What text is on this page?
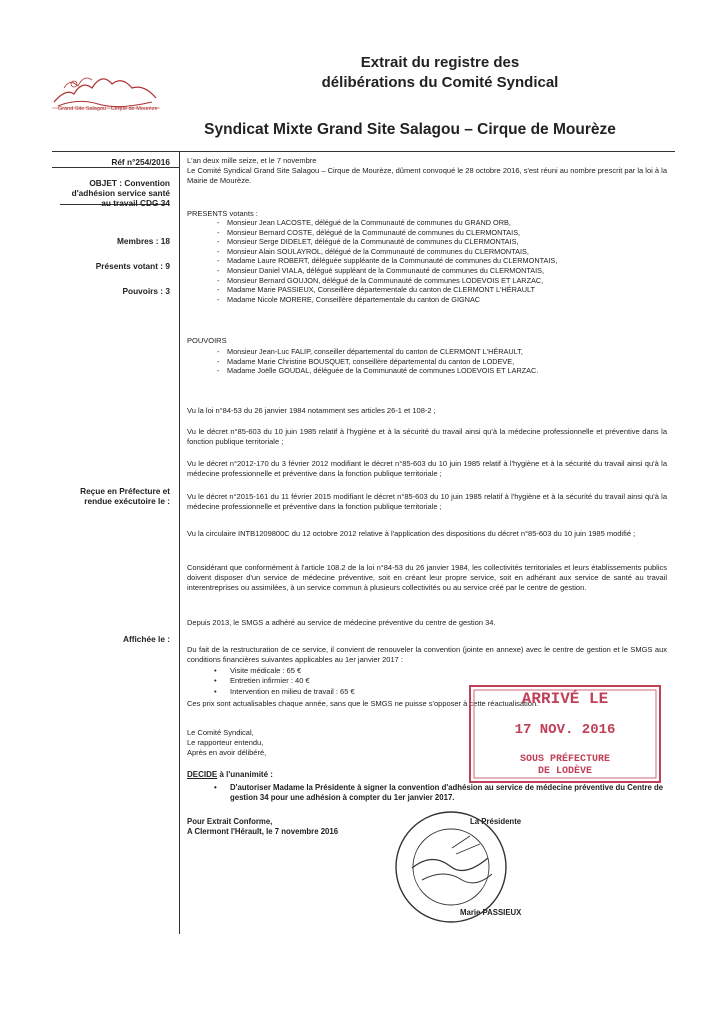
Grand Site Salagou · Cirque de Mourèze
Extrait du registre des
délibérations du Comité Syndical
Syndicat Mixte Grand Site Salagou – Cirque de Mourèze
Réf n°254/2016
OBJET : Convention
d'adhésion service santé
au travail CDG 34
Membres : 18
Présents votant : 9
Pouvoirs : 3
Reçue en Préfecture et
rendue exécutoire le :
Affichée le :
L'an deux mille seize, et le 7 novembre
Le Comité Syndical Grand Site Salagou – Cirque de Mourèze, dûment convoqué le 28 octobre 2016, s'est réuni au nombre prescrit par la loi à la Mairie de Mourèze.
PRESENTS votants :
- Monsieur Jean LACOSTE, délégué de la Communauté de communes du GRAND ORB,
- Monsieur Bernard COSTE, délégué de la Communauté de communes du CLERMONTAIS,
- Monsieur Serge DIDELET, délégué de la Communauté de communes du CLERMONTAIS,
- Monsieur Alain SOULAYROL, délégué de la Communauté de communes du CLERMONTAIS,
- Madame Laure ROBERT, déléguée suppléante de la Communauté de communes du CLERMONTAIS,
- Monsieur Daniel VIALA, délégué suppléant de la Communauté de communes du CLERMONTAIS,
- Monsieur Bernard GOUJON, délégué de la Communauté de communes LODEVOIS ET LARZAC,
- Madame Marie PASSIEUX, Conseillère départementale du canton de CLERMONT L'HÉRAULT
- Madame Nicole MORERE, Conseillère départementale du canton de GIGNAC
POUVOIRS
- Monsieur Jean-Luc FALIP, conseiller départemental du canton de CLERMONT L'HÉRAULT,
- Madame Marie Christine BOUSQUET, conseillère départemental du canton de LODEVE,
- Madame Joëlle GOUDAL, déléguée de la Communauté de communes LODEVOIS ET LARZAC.
Vu la loi n°84-53 du 26 janvier 1984 notamment ses articles 26-1 et 108-2 ;
Vu le décret n°85-603 du 10 juin 1985 relatif à l'hygiène et à la sécurité du travail ainsi qu'à la médecine professionnelle et préventive dans la fonction publique territoriale ;
Vu le décret n°2012-170 du 3 février 2012 modifiant le décret n°85-603 du 10 juin 1985 relatif à l'hygiène et à la sécurité du travail ainsi qu'à la médecine professionnelle et préventive dans la fonction publique territoriale ;
Vu le décret n°2015-161 du 11 février 2015 modifiant le décret n°85-603 du 10 juin 1985 relatif à l'hygiène et à la sécurité du travail ainsi qu'à la médecine professionnelle et préventive dans la fonction publique territoriale ;
Vu la circulaire INTB1209800C du 12 octobre 2012 relative à l'application des dispositions du décret n°85-603 du 10 juin 1985 modifié ;
Considérant que conformément à l'article 108.2 de la loi n°84-53 du 26 janvier 1984, les collectivités territoriales et leurs établissements publics doivent disposer d'un service de médecine préventive, soit en créant leur propre service, soit en adhérant aux service de santé au travail interentreprises ou assimilées, à un service commun à plusieurs collectivités ou au service créé par le centre de gestion.
Depuis 2013, le SMGS a adhéré au service de médecine préventive du centre de gestion 34.
Du fait de la restructuration de ce service, il convient de renouveler la convention (jointe en annexe) avec le centre de gestion et le SMGS aux conditions financières suivantes applicables au 1er janvier 2017 :
• Visite médicale : 65 €
• Entretien infirmier : 40 €
• Intervention en milieu de travail : 65 €
Ces prix sont actualisables chaque année, sans que le SMGS ne puisse s'opposer à cette réactualisation.
Le Comité Syndical,
Le rapporteur entendu,
Après en avoir délibéré,
DECIDE à l'unanimité :
• D'autoriser Madame la Présidente à signer la convention d'adhésion au service de médecine préventive du Centre de gestion 34 pour une adhésion à compter du 1er janvier 2017.
Pour Extrait Conforme,
A Clermont l'Hérault, le 7 novembre 2016
La Présidente
Marie PASSIEUX
ARRIVÉ LE
17 NOV. 2016
SOUS PRÉFECTURE
DE LODÈVE
